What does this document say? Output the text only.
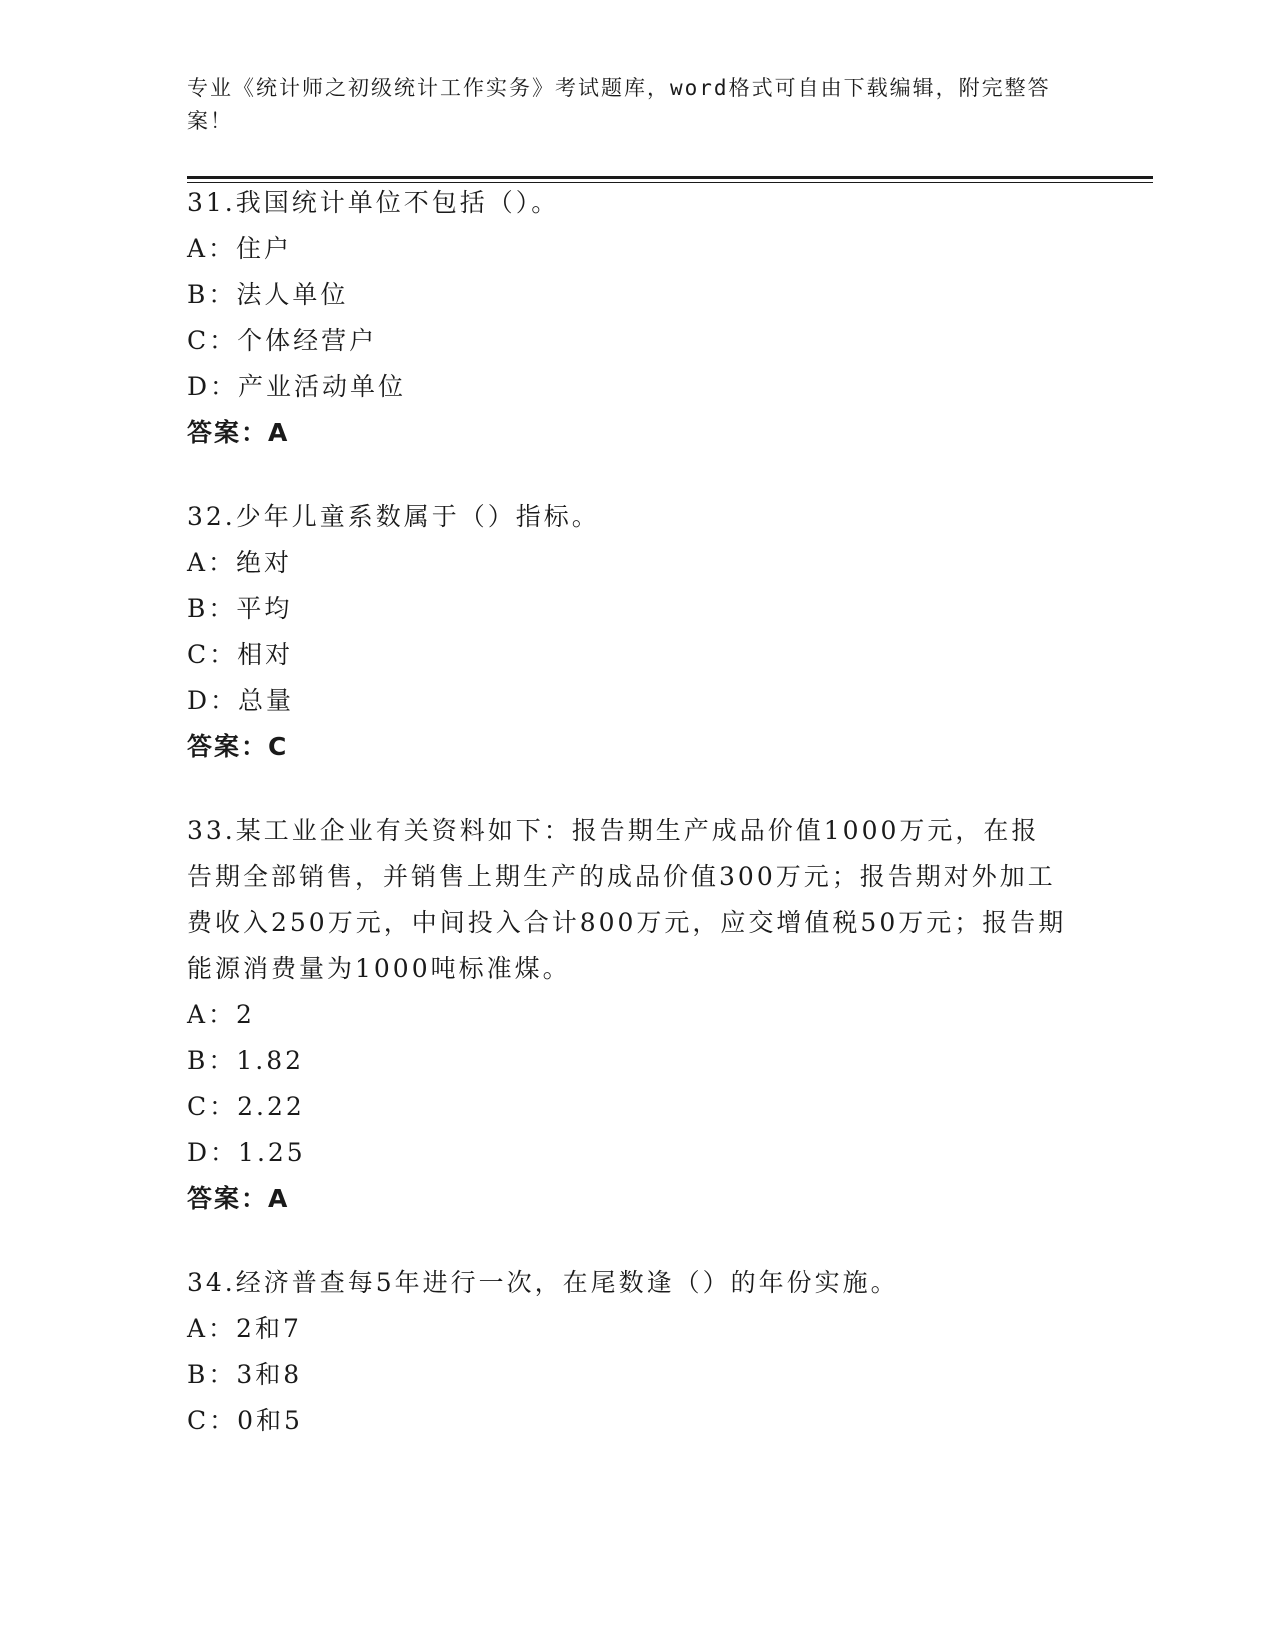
专业《统计师之初级统计工作实务》考试题库，word格式可自由下载编辑，附完整答案！

31.我国统计单位不包括（）。

A：住户

B：法人单位

C：个体经营户

D：产业活动单位

答案：A

32.少年儿童系数属于（）指标。

A：绝对

B：平均

C：相对

D：总量

答案：C

33.某工业企业有关资料如下：报告期生产成品价值1000万元，在报告期全部销售，并销售上期生产的成品价值300万元；报告期对外加工费收入250万元，中间投入合计800万元，应交增值税50万元；报告期能源消费量为1000吨标准煤。

A：2

B：1.82

C：2.22

D：1.25

答案：A

34.经济普查每5年进行一次，在尾数逢（）的年份实施。

A：2和7

B：3和8

C：0和5
